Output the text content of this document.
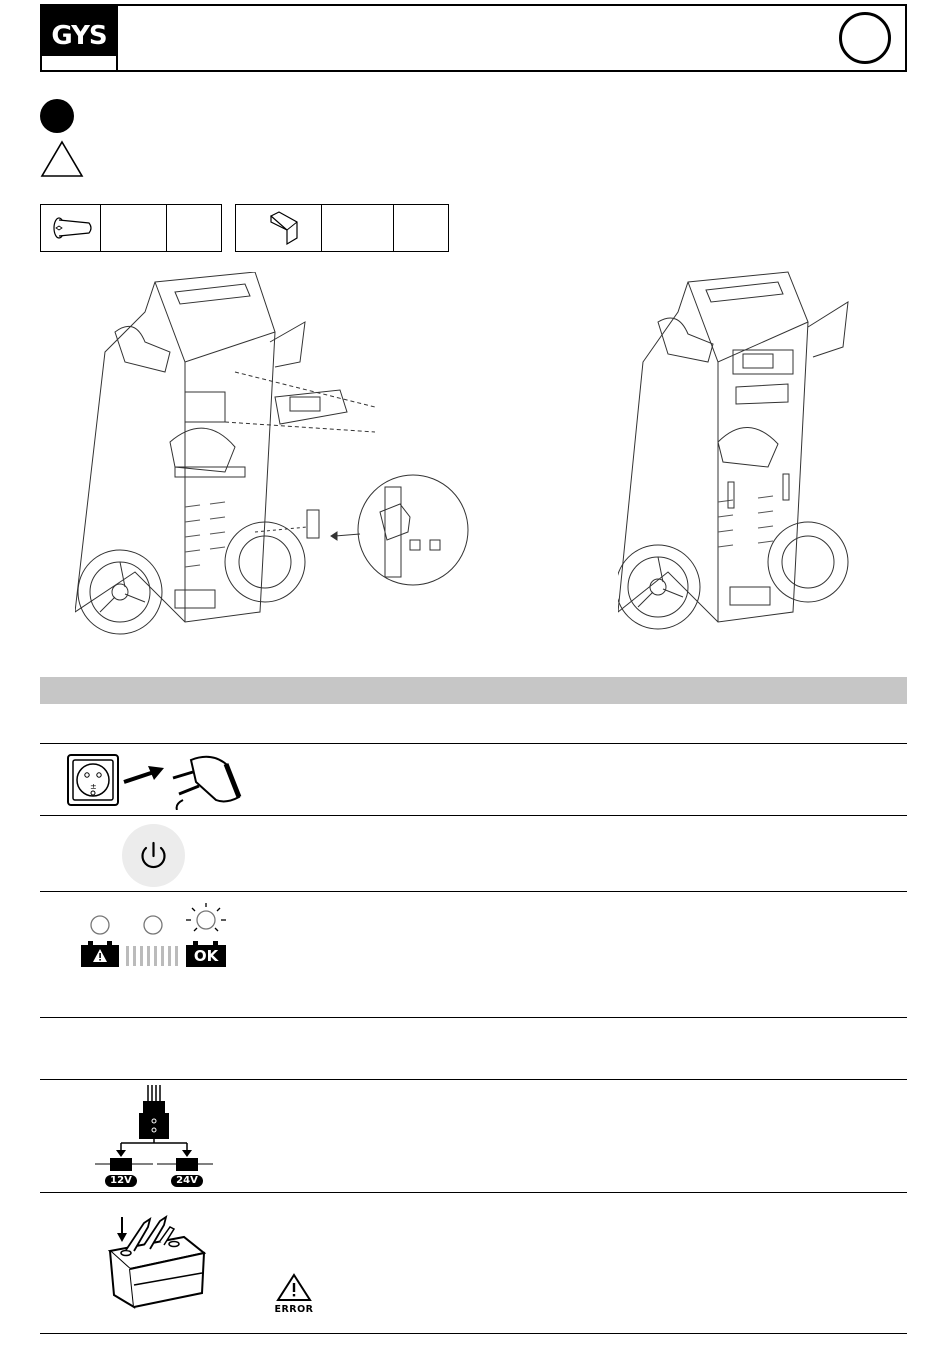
GYS
±
OK
12V	24V
ERROR
